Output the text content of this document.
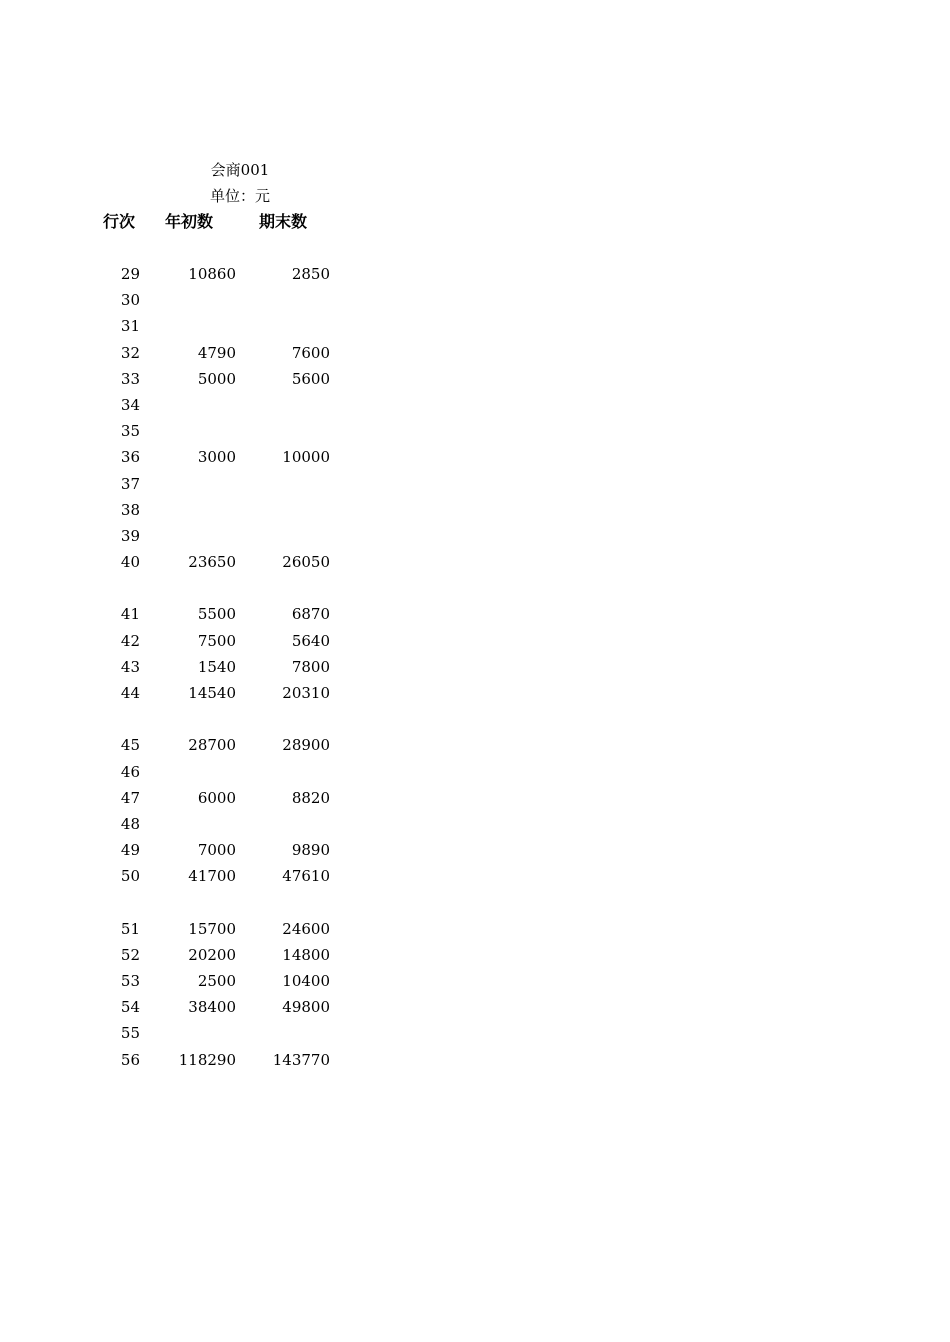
会商001
单位：元
行次 年初数	期末数
29	10860	2850
30
31
32	4790	7600
33	5000	5600
34
35
36	3000	10000
37
38
39
40	23650	26050
41	5500	6870
42	7500	5640
43	1540	7800
44	14540	20310
45	28700	28900
46
47	6000	8820
48
49	7000	9890
50	41700	47610
51	15700	24600
52	20200	14800
53	2500	10400
54	38400	49800
55
56	118290	143770
